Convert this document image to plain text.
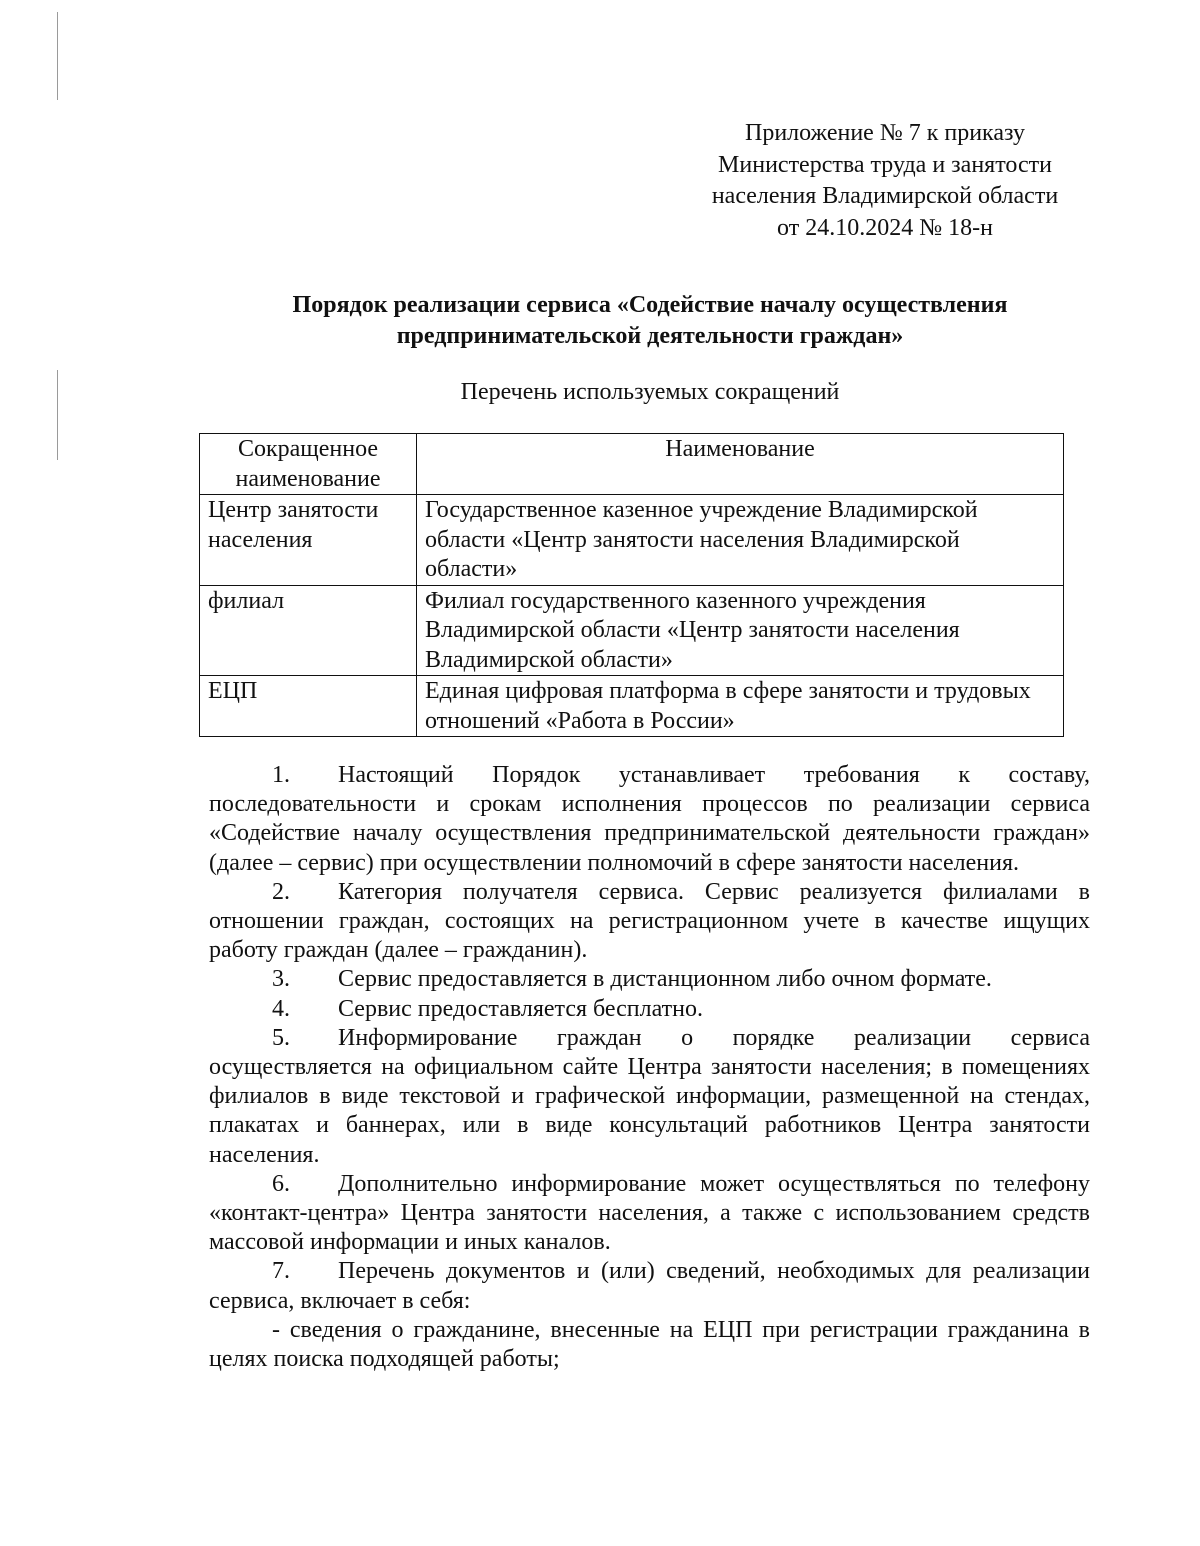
Приложение № 7 к приказу
Министерства труда и занятости
населения Владимирской области
от 24.10.2024 № 18-н
Порядок реализации сервиса «Содействие началу осуществления
предпринимательской деятельности граждан»
Перечень используемых сокращений
Сокращенное наименование	Наименование
Центр занятости населения	Государственное казенное учреждение Владимирской области «Центр занятости населения Владимирской области»
филиал	Филиал государственного казенного учреждения Владимирской области «Центр занятости населения Владимирской области»
ЕЦП	Единая цифровая платформа в сфере занятости и трудовых отношений «Работа в России»

1. Настоящий Порядок устанавливает требования к составу, последовательности и срокам исполнения процессов по реализации сервиса «Содействие началу осуществления предпринимательской деятельности граждан» (далее – сервис) при осуществлении полномочий в сфере занятости населения.

2. Категория получателя сервиса. Сервис реализуется филиалами в отношении граждан, состоящих на регистрационном учете в качестве ищущих работу граждан (далее – гражданин).

3. Сервис предоставляется в дистанционном либо очном формате.

4. Сервис предоставляется бесплатно.

5. Информирование граждан о порядке реализации сервиса осуществляется на официальном сайте Центра занятости населения; в помещениях филиалов в виде текстовой и графической информации, размещенной на стендах, плакатах и баннерах, или в виде консультаций работников Центра занятости населения.

6. Дополнительно информирование может осуществляться по телефону «контакт-центра» Центра занятости населения, а также с использованием средств массовой информации и иных каналов.

7. Перечень документов и (или) сведений, необходимых для реализации сервиса, включает в себя:

- сведения о гражданине, внесенные на ЕЦП при регистрации гражданина в целях поиска подходящей работы;
